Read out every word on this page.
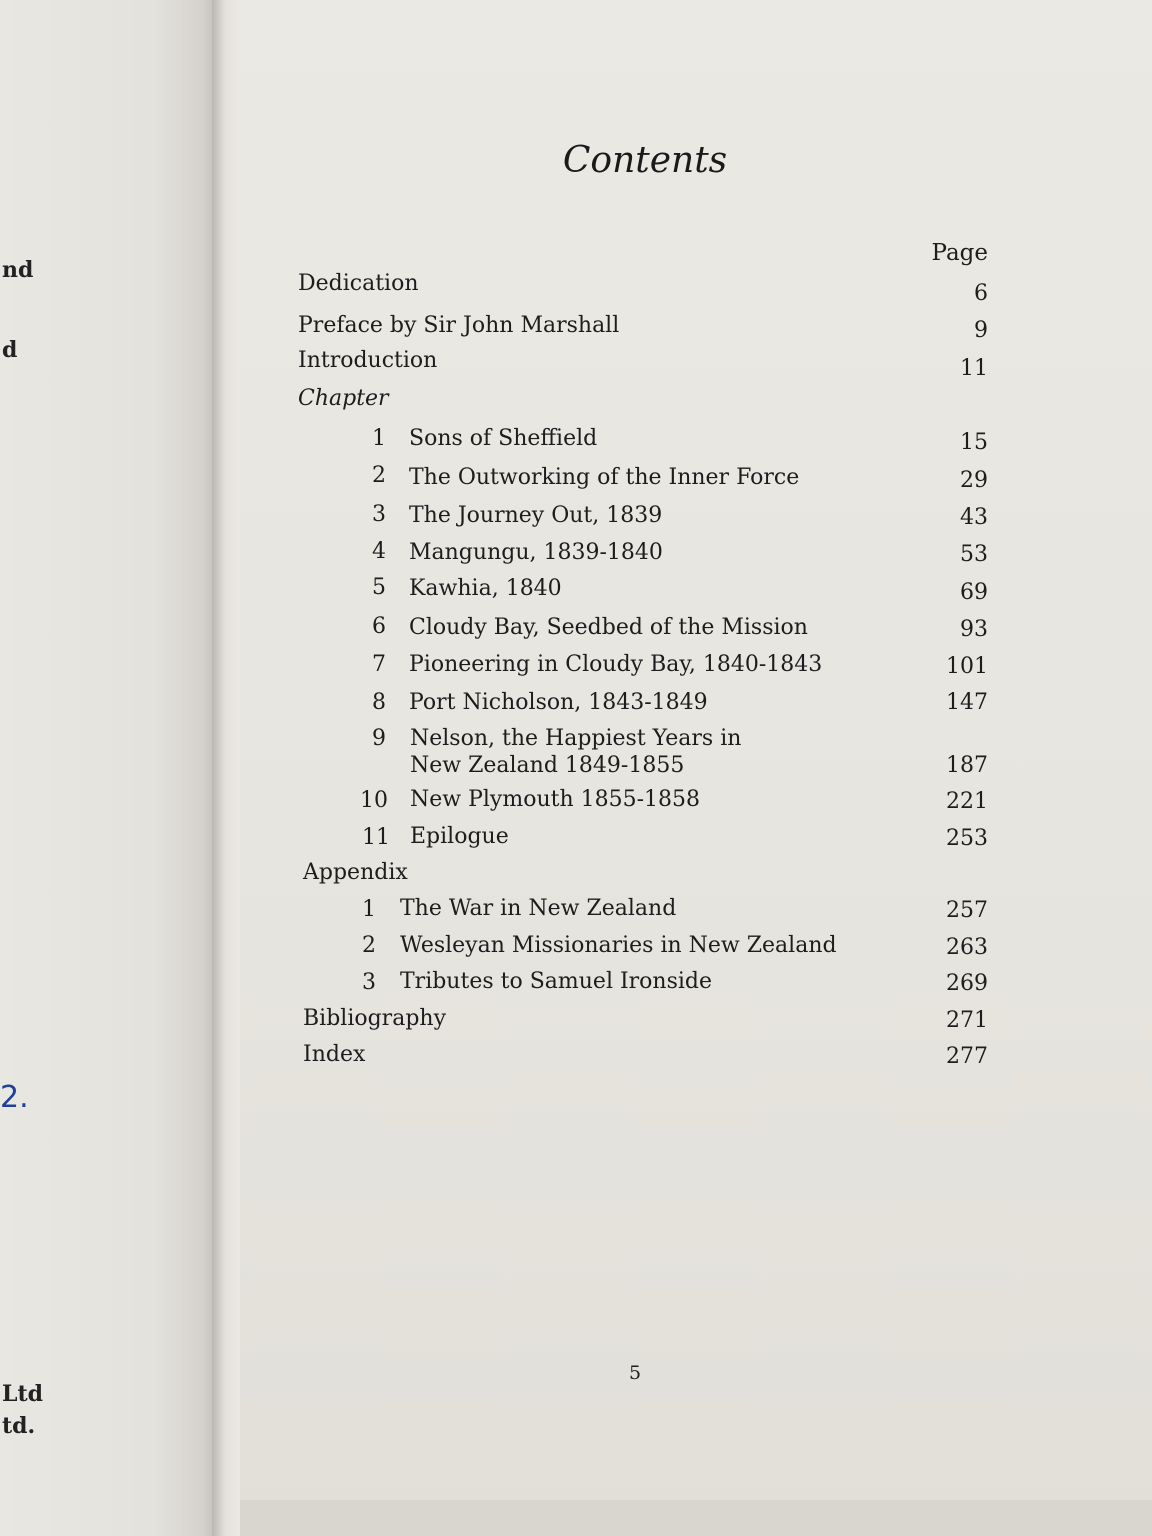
nd
d
2.
Ltd
td.
Contents
Page
Dedication	6
Preface by Sir John Marshall	9
Introduction	11
Chapter
1 Sons of Sheffield	15
2 The Outworking of the Inner Force	29
3 The Journey Out, 1839	43
4 Mangungu, 1839-1840	53
5 Kawhia, 1840	69
6 Cloudy Bay, Seedbed of the Mission	93
7 Pioneering in Cloudy Bay, 1840-1843	101
8 Port Nicholson, 1843-1849	147
9 Nelson, the Happiest Years in
New Zealand 1849-1855	187
10 New Plymouth 1855-1858	221
11 Epilogue	253
Appendix
1 The War in New Zealand	257
2 Wesleyan Missionaries in New Zealand	263
3 Tributes to Samuel Ironside	269
Bibliography	271
Index	277
5
